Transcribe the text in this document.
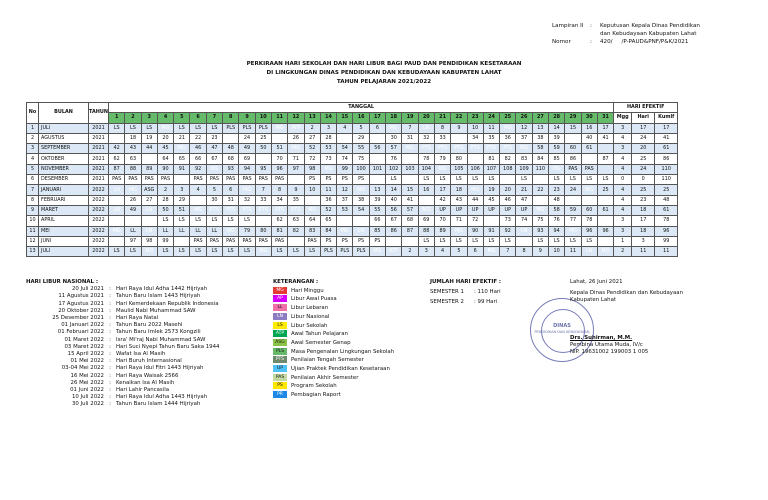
Lampiran II : Keputusan Kepala Dinas Pendidikan
dan Kebudayaan Kabupaten Lahat
Nomor	: 420/     /P-PAUD&PNF/P&K/2021
PERKIRAAN HARI SEKOLAH DAN HARI LIBUR BAGI PAUD DAN PENDIDIKAN KESETARAAN
DI LINGKUNGAN DINAS PENDIDIKAN DAN KEBUDAYAAN KABUPATEN LAHAT
TAHUN PELAJARAN 2021/2022
No	BULAN	TAHUN	TANGGAL																															HARI EFEKTIF		
			1	2	3	4	5	6	7	8	9	10	11	12	13	14	15	16	17	18	19	20	21	22	23	24	25	26	27	28	29	30	31	Mgg	Hari	Kumlf
1	JULI	2021	LS	LS	LS	MG	LS	LS	LS	PLS	PLS	PLS	MG	ATP	2	3	4	5	6	MG	7	LN	8	9	10	11	MG	12	13	14	15	16	17	3	17	17
2	AGUSTUS	2021	MG	18	19	20	21	22	23	MG	24	25	LN	26	27	28	MG	29	LN	30	31	32	33	MG	34	35	36	37	38	39	MG	40	41	4	24	41
3	SEPTEMBER	2021	42	43	44	45	MG	46	47	48	49	50	51	MG	52	53	54	55	56	57	MG	PTS	PTS	PTS	PTS	PTS	PTS	MG	58	59	60	61		3	20	61
4	OKTOBER	2021	62	63	MG	64	65	66	67	68	69	MG	70	71	72	73	74	75	MG	76	LN	78	79	80	MG	81	82	83	84	85	86	MG	87	4	25	86
5	NOVEMBER	2021	87	88	89	90	91	92	MG	93	94	95	96	97	98	MG	99	100	101	102	103	104	MG	105	106	107	108	109	110	MG	PAS	PAS		4	24	110
6	DESEMBER	2021	PAS	PAS	PAS	PAS	MG	PAS	PAS	PAS	PAS	PAS	PAS	MG	PS	PS	PS	PS	PR	LS	MG	LS	LS	LS	LS	LS	LN	LS	MG	LS	LS	LS	LS	0	0	110
7	JANUARI	2022	LN	MG	ASG	2	3	4	5	6	MG	7	8	9	10	11	12	MG	13	14	15	16	17	18	MG	19	20	21	22	23	24	MG	25	4	25	25
8	FEBRUARI	2022	LN	26	27	28	29	MG	30	31	32	33	34	35	MG	36	37	38	39	40	41	MG	42	43	44	45	46	47	MG	48				4	23	48
9	MARET	2022	LN	49	LN	50	51	MG	PTS	PTS	PTS	PTS	PTS	PTS	MG	52	53	54	55	56	57	MG	UP	UP	UP	UP	UP	UP	MG	58	59	60	61	4	18	61
10	APRIL	2022	AP	AP	MG	LS	LS	LS	LS	LS	LS	MG	62	63	64	65	LN	MG	66	67	68	69	70	71	72	MG	73	74	75	76	77	78		3	17	78
11	MEI	2022	MG	LL	LN	LL	LL	LL	LL	MG	79	80	81	82	83	84	MG	LN	85	86	87	88	89	MG	90	91	92	LN	93	94	MG	96	96	3	18	96
12	JUNI	2022	LN	97	98	99	MG	PAS	PAS	PAS	PAS	PAS	PAS	MG	PAS	PS	PS	PS	PS	PR	MG	LS	LS	LS	LS	LS	LS	MG	LS	LS	LS	LS		1	3	99
13	JULI	2022	LS	LS	MG	LS	LS	LS	LS	LS	LS	MG	LS	LS	LS	PLS	PLS	PLS	MG	ATP	2	3	4	5	6	MG	7	8	9	10	11	LN	MG	2	11	11
HARI LIBUR NASIONAL :
20 Juli 2021 : Hari Raya Idul Adha 1442 Hijriyah
11 Agustus 2021 : Tahun Baru Islam 1443 Hijriyah
17 Agustus 2021 : Hari Kemerdekaan Republik Indonesia
20 Oktober 2021 : Maulid Nabi Muhammad SAW
25 Desember 2021 : Hari Raya Natal
01 Januari 2022 : Tahun Baru 2022 Masehi
01 Februari 2022 : Tahun Baru Imlek 2573 Kongzili
01 Maret 2022 : Isra' Mi'raj Nabi Muhammad SAW
03 Maret 2022 : Hari Suci Nyepi Tahun Baru Saka 1944
15 April 2022 : Wafat Isa Al Masih
01 Mei 2022 : Hari Buruh Internasional
03-04 Mei 2022 : Hari Raya Idul Fitri 1443 Hijriyah
16 Mei 2022 : Hari Raya Waisak 2566
26 Mei 2022 : Kenaikan Isa Al Masih
01 Juni 2022 : Hari Lahir Pancasila
10 Juli 2022 : Hari Raya Idul Adha 1443 Hijriyah
30 Juli 2022 : Tahun Baru Islam 1444 Hijriyah
KETERANGAN :
MG Hari Minggu
AP Libur Awal Puasa
LL Libur Lebaran
LN Libur Nasional
LS Libur Sekolah
ATP Awal Tahun Pelajaran
ASG Awal Semester Genap
PLS Masa Pengenalan Lingkungan Sekolah
PTS Penilaian Tengah Semester
UP Ujian Praktek Pendidikan Kesetaraan
PAS Penilaian Akhir Semester
PS Program Sekolah
PR Pembagian Raport
JUMLAH HARI EFEKTIF :
SEMESTER 1 : 110 Hari
SEMESTER 2 : 99 Hari
DINAS
PENDIDIKAN DAN KEBUDAYAAN
Lahat, 26 Juni 2021
Kepala Dinas Pendidikan dan Kebudayaan
Kabupaten Lahat
Drs. Suhirman, M.M.
Pembina Utama Muda, IV/c
NIP. 19631002 199003 1 005
